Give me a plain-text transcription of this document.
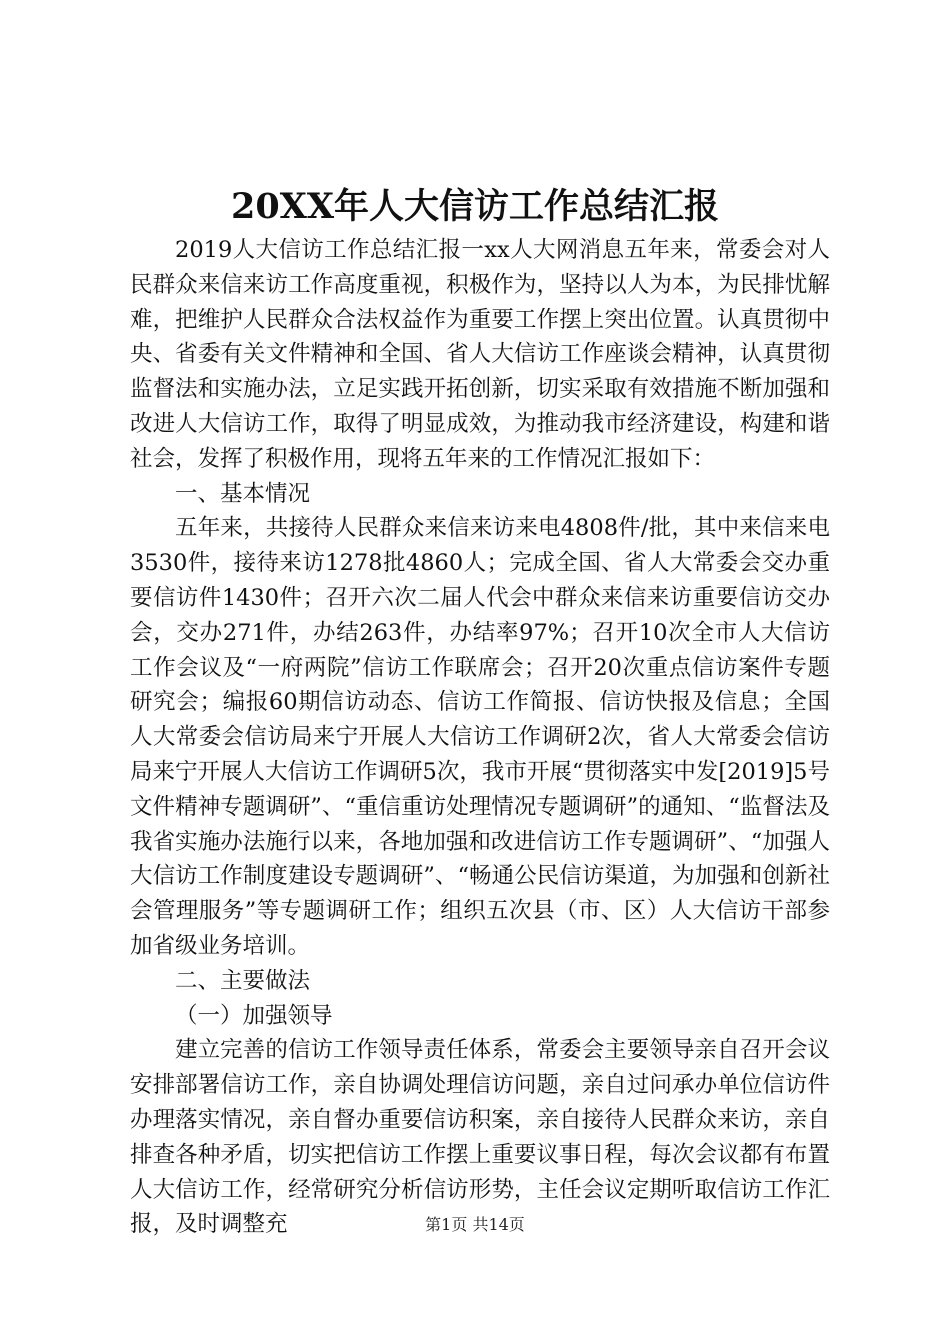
20XX年人大信访工作总结汇报

2019人大信访工作总结汇报一xx人大网消息五年来，常委会对人民群众来信来访工作高度重视，积极作为，坚持以人为本，为民排忧解难，把维护人民群众合法权益作为重要工作摆上突出位置。认真贯彻中央、省委有关文件精神和全国、省人大信访工作座谈会精神，认真贯彻监督法和实施办法，立足实践开拓创新，切实采取有效措施不断加强和改进人大信访工作，取得了明显成效，为推动我市经济建设，构建和谐社会，发挥了积极作用，现将五年来的工作情况汇报如下：

一、基本情况

五年来，共接待人民群众来信来访来电4808件/批，其中来信来电3530件，接待来访1278批4860人；完成全国、省人大常委会交办重要信访件1430件；召开六次二届人代会中群众来信来访重要信访交办会，交办271件，办结263件，办结率97%；召开10次全市人大信访工作会议及“一府两院”信访工作联席会；召开20次重点信访案件专题研究会；编报60期信访动态、信访工作简报、信访快报及信息；全国人大常委会信访局来宁开展人大信访工作调研2次，省人大常委会信访局来宁开展人大信访工作调研5次，我市开展“贯彻落实中发[2019]5号文件精神专题调研”、“重信重访处理情况专题调研”的通知、“监督法及我省实施办法施行以来，各地加强和改进信访工作专题调研”、“加强人大信访工作制度建设专题调研”、“畅通公民信访渠道，为加强和创新社会管理服务”等专题调研工作；组织五次县（市、区）人大信访干部参加省级业务培训。

二、主要做法

（一）加强领导

建立完善的信访工作领导责任体系，常委会主要领导亲自召开会议安排部署信访工作，亲自协调处理信访问题，亲自过问承办单位信访件办理落实情况，亲自督办重要信访积案，亲自接待人民群众来访，亲自排查各种矛盾，切实把信访工作摆上重要议事日程，每次会议都有布置人大信访工作，经常研究分析信访形势，主任会议定期听取信访工作汇报，及时调整充	第1页 共14页
